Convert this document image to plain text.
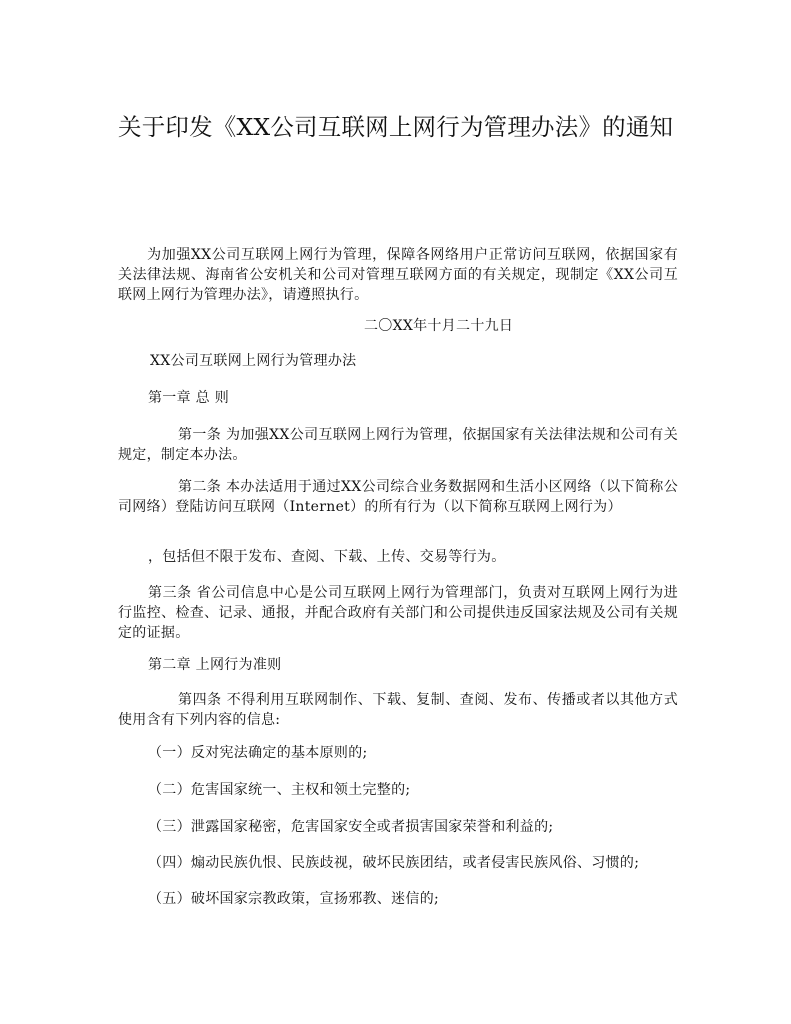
关于印发《XX公司互联网上网行为管理办法》的通知
　　为加强XX公司互联网上网行为管理，保障各网络用户正常访问互联网，依据国家有关法律法规、海南省公安机关和公司对管理互联网方面的有关规定，现制定《XX公司互联网上网行为管理办法》，请遵照执行。
二〇XX年十月二十九日
XX公司互联网上网行为管理办法
第一章 总 则
第一条 为加强XX公司互联网上网行为管理，依据国家有关法律法规和公司有关规定，制定本办法。
第二条 本办法适用于通过XX公司综合业务数据网和生活小区网络（以下简称公司网络）登陆访问互联网（Internet）的所有行为（以下简称互联网上网行为）
，包括但不限于发布、查阅、下载、上传、交易等行为。
第三条 省公司信息中心是公司互联网上网行为管理部门，负责对互联网上网行为进行监控、检查、记录、通报，并配合政府有关部门和公司提供违反国家法规及公司有关规定的证据。
第二章 上网行为准则
第四条 不得利用互联网制作、下载、复制、查阅、发布、传播或者以其他方式使用含有下列内容的信息:
（一）反对宪法确定的基本原则的;
（二）危害国家统一、主权和领土完整的;
（三）泄露国家秘密，危害国家安全或者损害国家荣誉和利益的;
（四）煽动民族仇恨、民族歧视，破坏民族团结，或者侵害民族风俗、习惯的;
（五）破坏国家宗教政策，宣扬邪教、迷信的;
